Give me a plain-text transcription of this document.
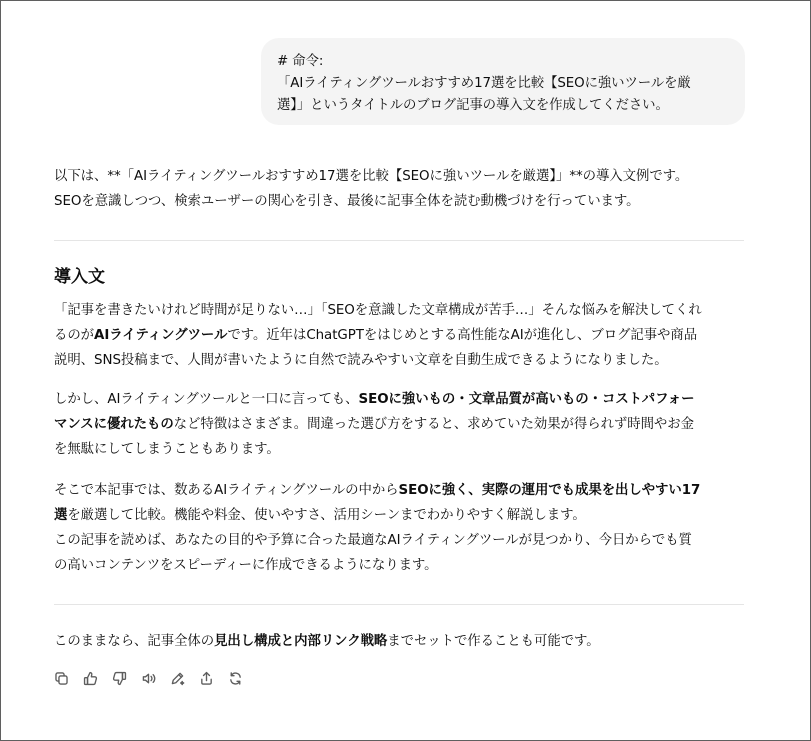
# 命令:
「AIライティングツールおすすめ17選を比較【SEOに強いツールを厳
選】」というタイトルのブログ記事の導入文を作成してください。
以下は、**「AIライティングツールおすすめ17選を比較【SEOに強いツールを厳選】」**の導入文例です。
SEOを意識しつつ、検索ユーザーの関心を引き、最後に記事全体を読む動機づけを行っています。
導入文
「記事を書きたいけれど時間が足りない…」「SEOを意識した文章構成が苦手…」そんな悩みを解決してくれ
るのがAIライティングツールです。近年はChatGPTをはじめとする高性能なAIが進化し、ブログ記事や商品
説明、SNS投稿まで、人間が書いたように自然で読みやすい文章を自動生成できるようになりました。
しかし、AIライティングツールと一口に言っても、SEOに強いもの・文章品質が高いもの・コストパフォー
マンスに優れたものなど特徴はさまざま。間違った選び方をすると、求めていた効果が得られず時間やお金
を無駄にしてしまうこともあります。
そこで本記事では、数あるAIライティングツールの中からSEOに強く、実際の運用でも成果を出しやすい17
選を厳選して比較。機能や料金、使いやすさ、活用シーンまでわかりやすく解説します。
この記事を読めば、あなたの目的や予算に合った最適なAIライティングツールが見つかり、今日からでも質
の高いコンテンツをスピーディーに作成できるようになります。
このままなら、記事全体の見出し構成と内部リンク戦略までセットで作ることも可能です。
